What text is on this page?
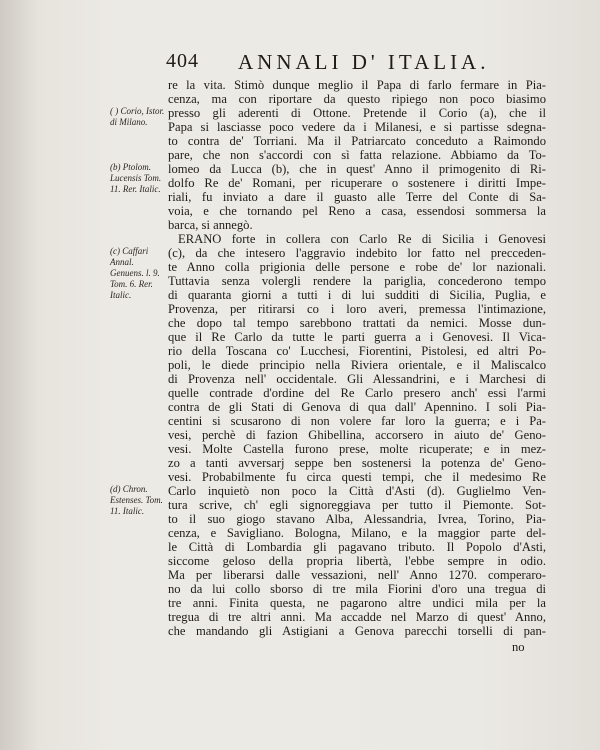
404 ANNALI D' ITALIA.
( ) Corio, Istor. di Milano.
(b) Ptolom. Lucensis Tom. 11. Rer. Italic.
(c) Caffari Annal. Genuens. l. 9. Tom. 6. Rer. Italic.
(d) Chron. Estenses. Tom. 11. Italic.
re la vita. Stimò dunque meglio il Papa di farlo fermare in Pia-
cenza, ma con riportare da questo ripiego non poco biasimo
presso gli aderenti di Ottone. Pretende il Corio (a), che il
Papa si lasciasse poco vedere da i Milanesi, e si partisse sdegna-
to contra de' Torriani. Ma il Patriarcato conceduto a Raimondo
pare, che non s'accordi con sì fatta relazione. Abbiamo da To-
lomeo da Lucca (b), che in quest' Anno il primogenito di Ri-
dolfo Re de' Romani, per ricuperare o sostenere i diritti Impe-
riali, fu inviato a dare il guasto alle Terre del Conte di Sa-
voia, e che tornando pel Reno a casa, essendosi sommersa la
barca, si annegò.
ERANO forte in collera con Carlo Re di Sicilia i Genovesi
(c), da che intesero l'aggravio indebito lor fatto nel precceden-
te Anno colla prigionia delle persone e robe de' lor nazionali.
Tuttavia senza volergli rendere la pariglia, concederono tempo
di quaranta giorni a tutti i di lui sudditi di Sicilia, Puglia, e
Provenza, per ritirarsi co i loro averi, premessa l'intimazione,
che dopo tal tempo sarebbono trattati da nemici. Mosse dun-
que il Re Carlo da tutte le parti guerra a i Genovesi. Il Vica-
rio della Toscana co' Lucchesi, Fiorentini, Pistolesi, ed altri Po-
poli, le diede principio nella Riviera orientale, e il Maliscalco
di Provenza nell' occidentale. Gli Alessandrini, e i Marchesi di
quelle contrade d'ordine del Re Carlo presero anch' essi l'armi
contra de gli Stati di Genova di qua dall' Apennino. I soli Pia-
centini si scusarono di non volere far loro la guerra; e i Pa-
vesi, perchè di fazion Ghibellina, accorsero in aiuto de' Geno-
vesi. Molte Castella furono prese, molte ricuperate; e in mez-
zo a tanti avversarj seppe ben sostenersi la potenza de' Geno-
vesi. Probabilmente fu circa questi tempi, che il medesimo Re
Carlo inquietò non poco la Città d'Asti (d). Guglielmo Ven-
tura scrive, ch' egli signoreggiava per tutto il Piemonte. Sot-
to il suo giogo stavano Alba, Alessandria, Ivrea, Torino, Pia-
cenza, e Savigliano. Bologna, Milano, e la maggior parte del-
le Città di Lombardia gli pagavano tributo. Il Popolo d'Asti,
siccome geloso della propria libertà, l'ebbe sempre in odio.
Ma per liberarsi dalle vessazioni, nell' Anno 1270. comperaro-
no da lui collo sborso di tre mila Fiorini d'oro una tregua di
tre anni. Finita questa, ne pagarono altre undici mila per la
tregua di tre altri anni. Ma accadde nel Marzo di quest' Anno,
che mandando gli Astigiani a Genova parecchi torselli di pan-
no
